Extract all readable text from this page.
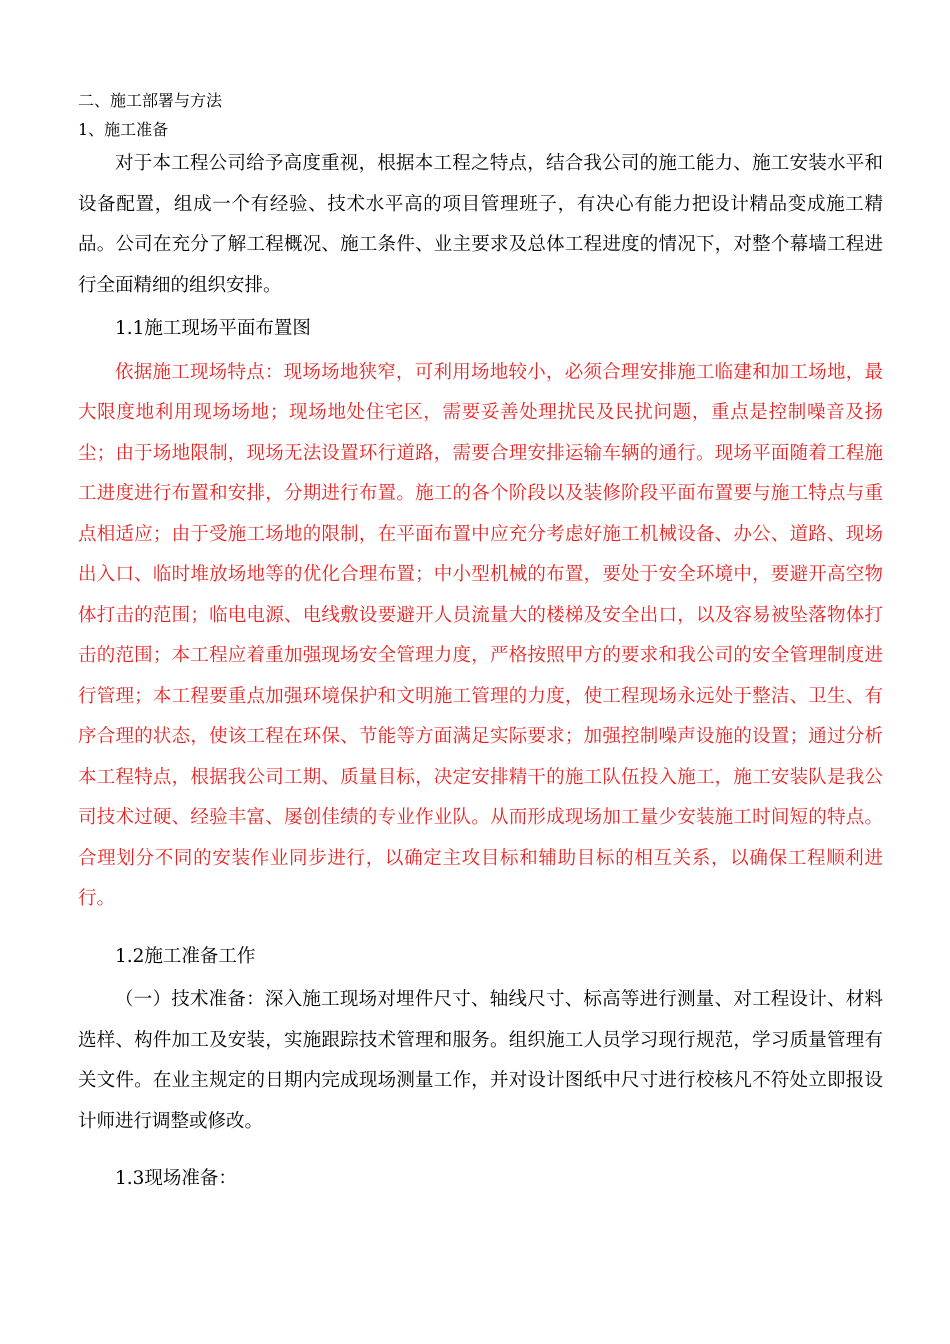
二、施工部署与方法

1、施工准备

对于本工程公司给予高度重视，根据本工程之特点，结合我公司的施工能力、施工安装水平和设备配置，组成一个有经验、技术水平高的项目管理班子，有决心有能力把设计精品变成施工精品。公司在充分了解工程概况、施工条件、业主要求及总体工程进度的情况下，对整个幕墙工程进行全面精细的组织安排。

1.1施工现场平面布置图

依据施工现场特点：现场场地狭窄，可利用场地较小，必须合理安排施工临建和加工场地，最大限度地利用现场场地；现场地处住宅区，需要妥善处理扰民及民扰问题，重点是控制噪音及扬尘；由于场地限制，现场无法设置环行道路，需要合理安排运输车辆的通行。现场平面随着工程施工进度进行布置和安排，分期进行布置。施工的各个阶段以及装修阶段平面布置要与施工特点与重点相适应；由于受施工场地的限制，在平面布置中应充分考虑好施工机械设备、办公、道路、现场出入口、临时堆放场地等的优化合理布置；中小型机械的布置，要处于安全环境中，要避开高空物体打击的范围；临电电源、电线敷设要避开人员流量大的楼梯及安全出口，以及容易被坠落物体打击的范围；本工程应着重加强现场安全管理力度，严格按照甲方的要求和我公司的安全管理制度进行管理；本工程要重点加强环境保护和文明施工管理的力度，使工程现场永远处于整洁、卫生、有序合理的状态，使该工程在环保、节能等方面满足实际要求；加强控制噪声设施的设置；通过分析本工程特点，根据我公司工期、质量目标，决定安排精干的施工队伍投入施工，施工安装队是我公司技术过硬、经验丰富、屡创佳绩的专业作业队。从而形成现场加工量少安装施工时间短的特点。合理划分不同的安装作业同步进行，以确定主攻目标和辅助目标的相互关系，以确保工程顺利进行。

1.2施工准备工作

（一）技术准备：深入施工现场对埋件尺寸、轴线尺寸、标高等进行测量、对工程设计、材料选样、构件加工及安装，实施跟踪技术管理和服务。组织施工人员学习现行规范，学习质量管理有关文件。在业主规定的日期内完成现场测量工作，并对设计图纸中尺寸进行校核凡不符处立即报设计师进行调整或修改。

1.3现场准备：
